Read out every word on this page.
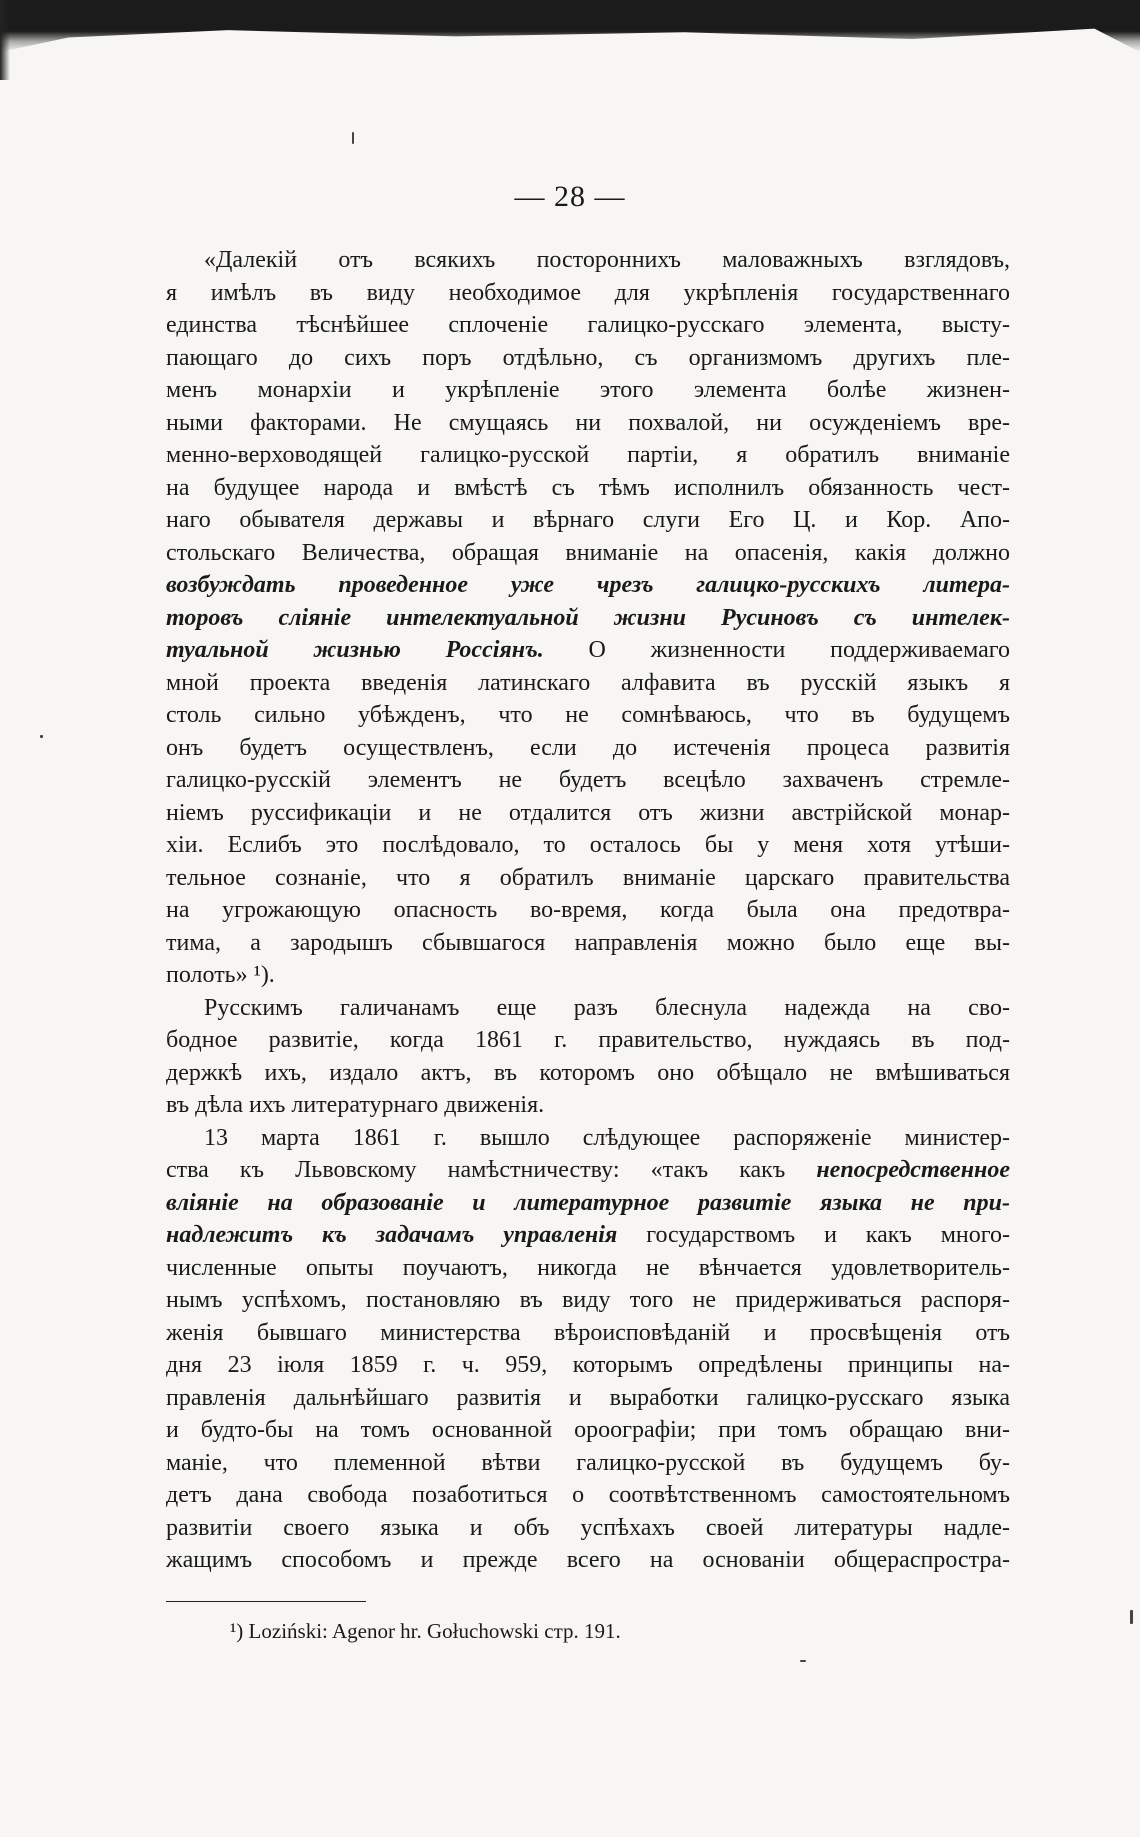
— 28 —
«Далекій отъ всякихъ постороннихъ маловажныхъ взглядовъ,
я имѣлъ въ виду необходимое для укрѣпленія государственнаго
единства тѣснѣйшее сплоченіе галицко-русскаго элемента, высту-
пающаго до сихъ поръ отдѣльно, съ организмомъ другихъ пле-
менъ монархіи и укрѣпленіе этого элемента болѣе жизнен-
ными факторами. Не смущаясь ни похвалой, ни осужденіемъ вре-
менно-верховодящей галицко-русской партіи, я обратилъ вниманіе
на будущее народа и вмѣстѣ съ тѣмъ исполнилъ обязанность чест-
наго обывателя державы и вѣрнаго слуги Его Ц. и Кор. Апо-
стольскаго Величества, обращая вниманіе на опасенія, какія должно
возбуждать проведенное уже чрезъ галицко-русскихъ литера-
торовъ сліяніе интелектуальной жизни Русиновъ съ интелек-
туальной жизнью Россіянъ. О жизненности поддерживаемаго
мной проекта введенія латинскаго алфавита въ русскій языкъ я
столь сильно убѣжденъ, что не сомнѣваюсь, что въ будущемъ
онъ будетъ осуществленъ, если до истеченія процеса развитія
галицко-русскій элементъ не будетъ всецѣло захваченъ стремле-
ніемъ руссификаціи и не отдалится отъ жизни австрійской монар-
хіи. Еслибъ это послѣдовало, то осталось бы у меня хотя утѣши-
тельное сознаніе, что я обратилъ вниманіе царскаго правительства
на угрожающую опасность во-время, когда была она предотвра-
тима, а зародышъ сбывшагося направленія можно было еще вы-
полоть» ¹).
Русскимъ галичанамъ еще разъ блеснула надежда на сво-
бодное развитіе, когда 1861 г. правительство, нуждаясь въ под-
держкѣ ихъ, издало актъ, въ которомъ оно обѣщало не вмѣшиваться
въ дѣла ихъ литературнаго движенія.
13 марта 1861 г. вышло слѣдующее распоряженіе министер-
ства къ Львовскому намѣстничеству: «такъ какъ непосредственное
вліяніе на образованіе и литературное развитіе языка не при-
надлежитъ къ задачамъ управленія государствомъ и какъ много-
численные опыты поучаютъ, никогда не вѣнчается удовлетворитель-
нымъ успѣхомъ, постановляю въ виду того не придерживаться распоря-
женія бывшаго министерства вѣроисповѣданій и просвѣщенія отъ
дня 23 іюля 1859 г. ч. 959, которымъ опредѣлены принципы на-
правленія дальнѣйшаго развитія и выработки галицко-русскаго языка
и будто-бы на томъ основанной ороографіи; при томъ обращаю вни-
маніе, что племенной вѣтви галицко-русской въ будущемъ бу-
детъ дана свобода позаботиться о соотвѣтственномъ самостоятельномъ
развитіи своего языка и объ успѣхахъ своей литературы надле-
жащимъ способомъ и прежде всего на основаніи общераспростра-
¹) Loziński: Agenor hr. Gołuchowski стр. 191.
